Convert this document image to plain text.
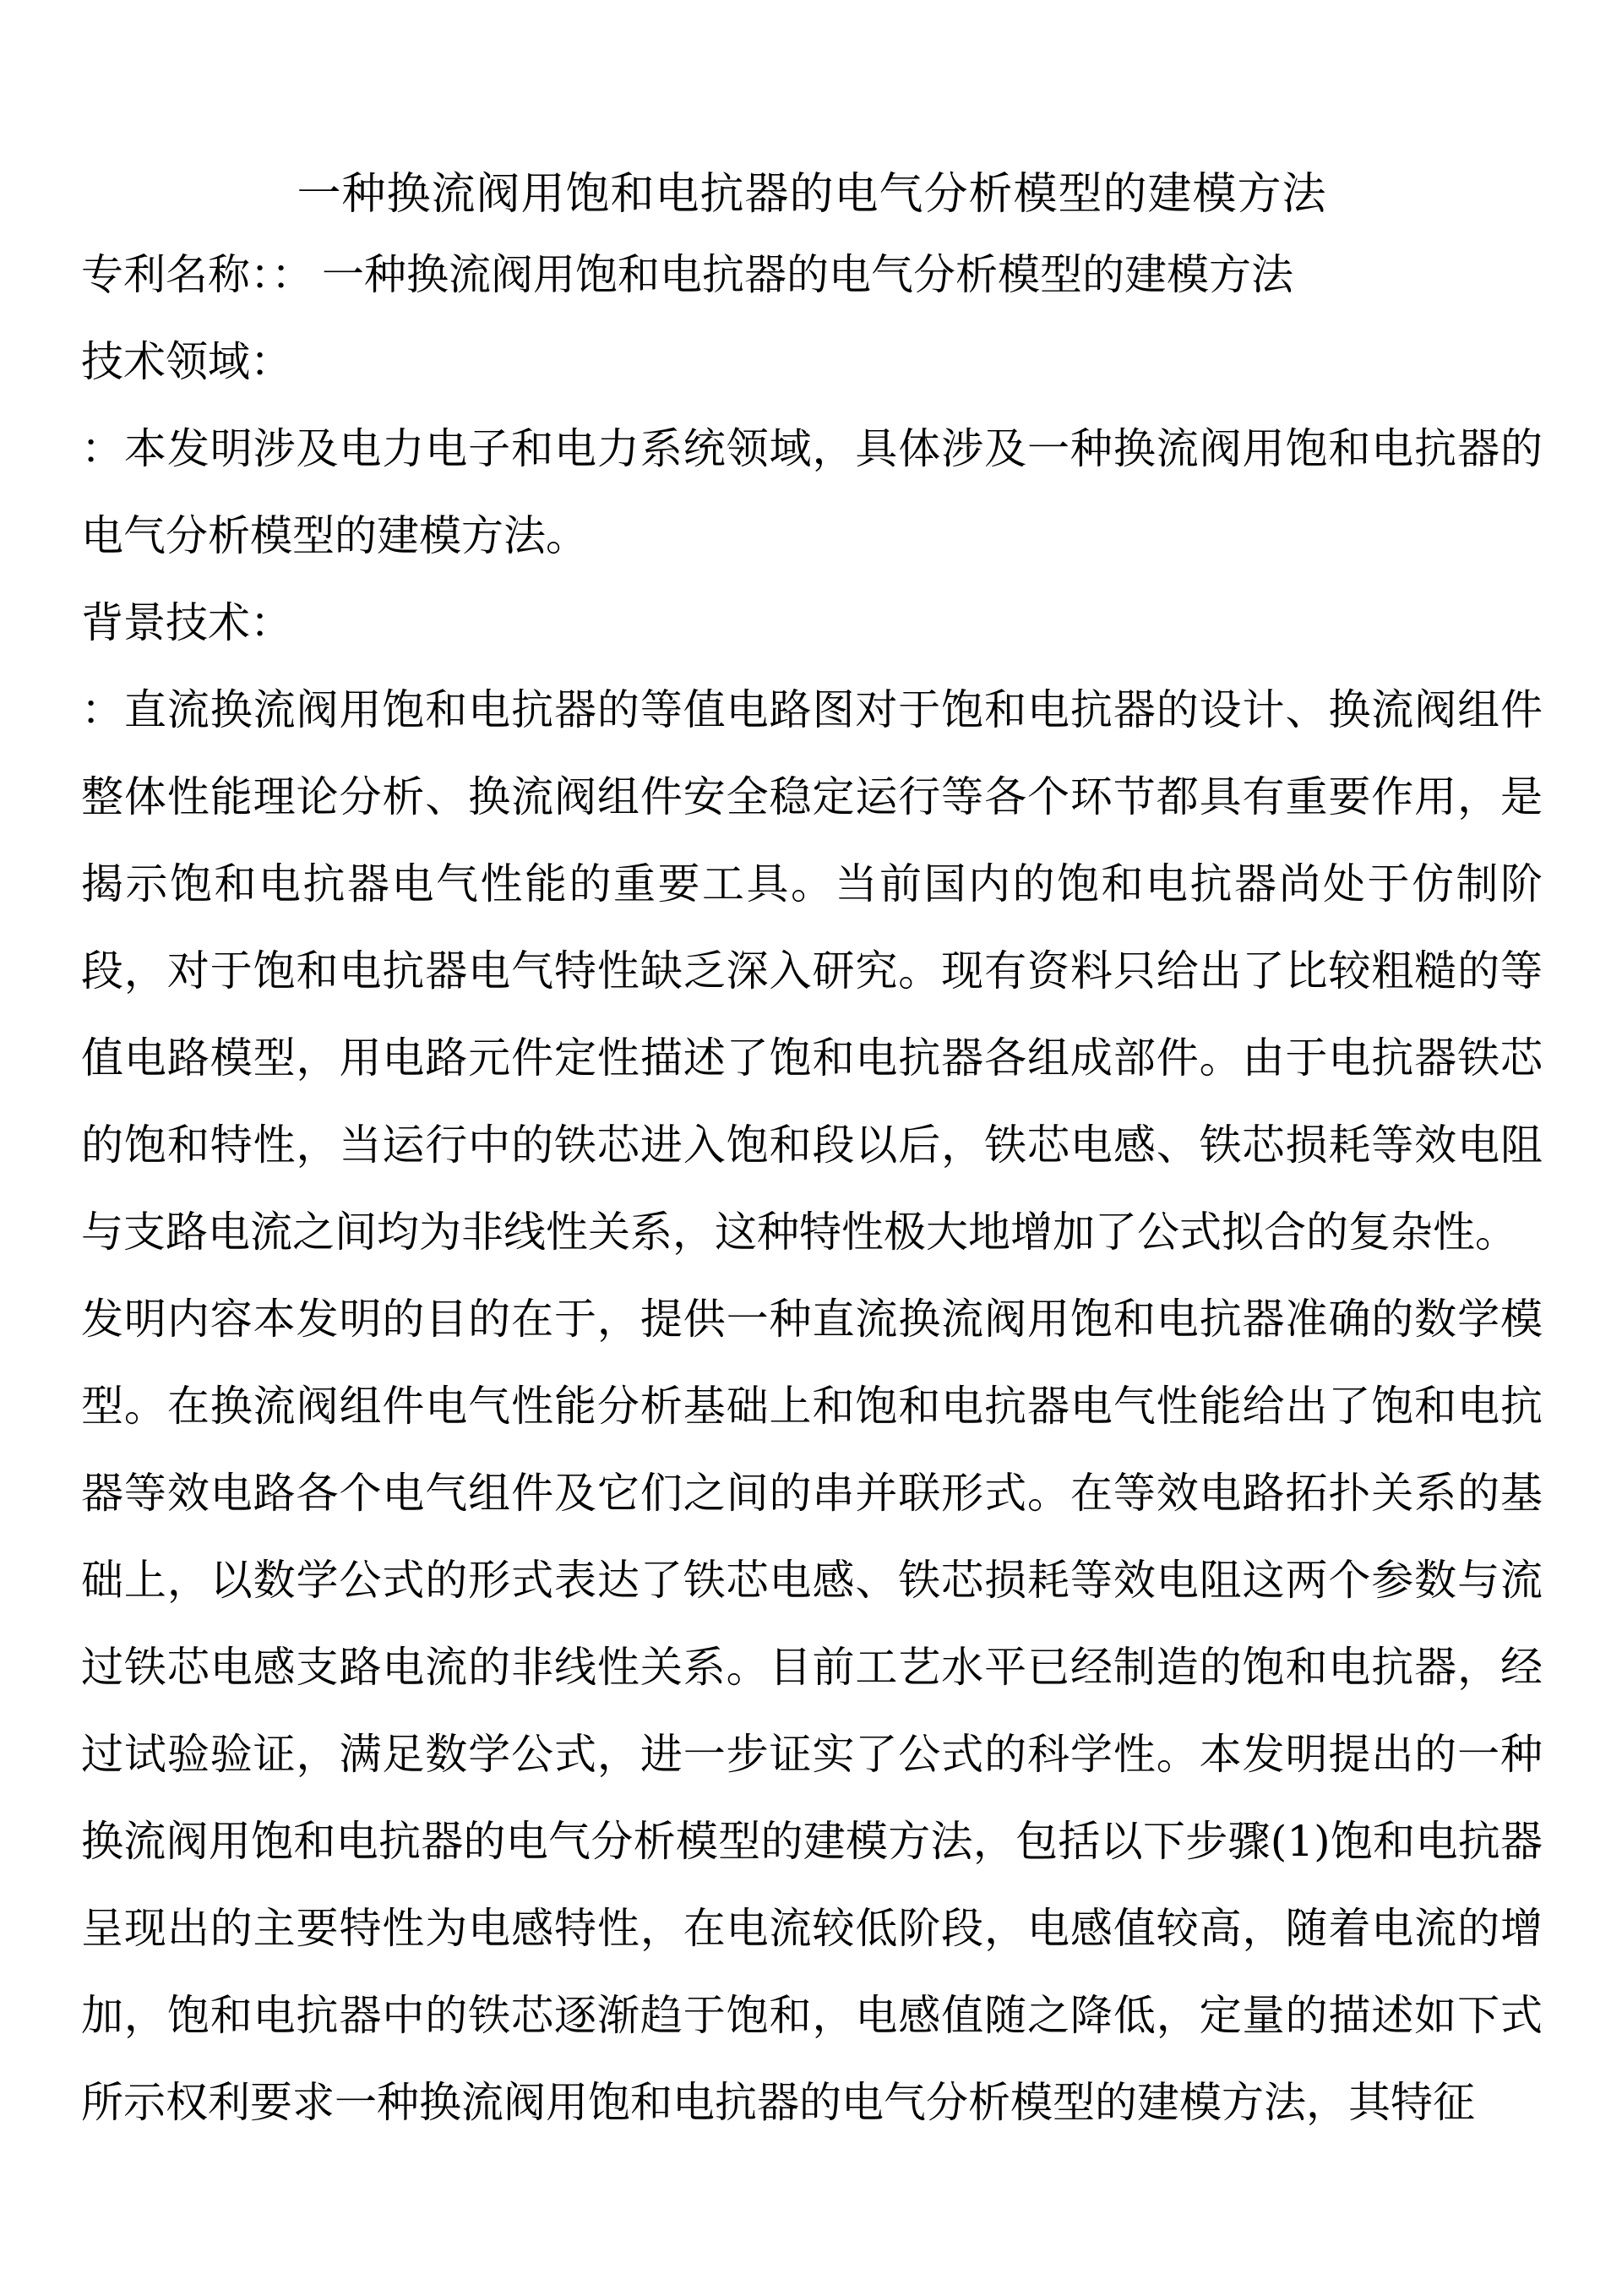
一种换流阀用饱和电抗器的电气分析模型的建模方法

专利名称：： 一种换流阀用饱和电抗器的电气分析模型的建模方法

技术领域：

：本发明涉及电力电子和电力系统领域，具体涉及一种换流阀用饱和电抗器的电气分析模型的建模方法。

背景技术：

：直流换流阀用饱和电抗器的等值电路图对于饱和电抗器的设计、换流阀组件整体性能理论分析、换流阀组件安全稳定运行等各个环节都具有重要作用，是揭示饱和电抗器电气性能的重要工具。当前国内的饱和电抗器尚处于仿制阶段，对于饱和电抗器电气特性缺乏深入研究。现有资料只给出了比较粗糙的等值电路模型，用电路元件定性描述了饱和电抗器各组成部件。由于电抗器铁芯的饱和特性，当运行中的铁芯进入饱和段以后，铁芯电感、铁芯损耗等效电阻与支路电流之间均为非线性关系，这种特性极大地增加了公式拟合的复杂性。

发明内容本发明的目的在于，提供一种直流换流阀用饱和电抗器准确的数学模型。在换流阀组件电气性能分析基础上和饱和电抗器电气性能给出了饱和电抗器等效电路各个电气组件及它们之间的串并联形式。在等效电路拓扑关系的基础上，以数学公式的形式表达了铁芯电感、铁芯损耗等效电阻这两个参数与流过铁芯电感支路电流的非线性关系。目前工艺水平已经制造的饱和电抗器，经过试验验证，满足数学公式，进一步证实了公式的科学性。本发明提出的一种换流阀用饱和电抗器的电气分析模型的建模方法，包括以下步骤(1)饱和电抗器呈现出的主要特性为电感特性，在电流较低阶段，电感值较高，随着电流的增加，饱和电抗器中的铁芯逐渐趋于饱和，电感值随之降低，定量的描述如下式所示权利要求一种换流阀用饱和电抗器的电气分析模型的建模方法，其特征
